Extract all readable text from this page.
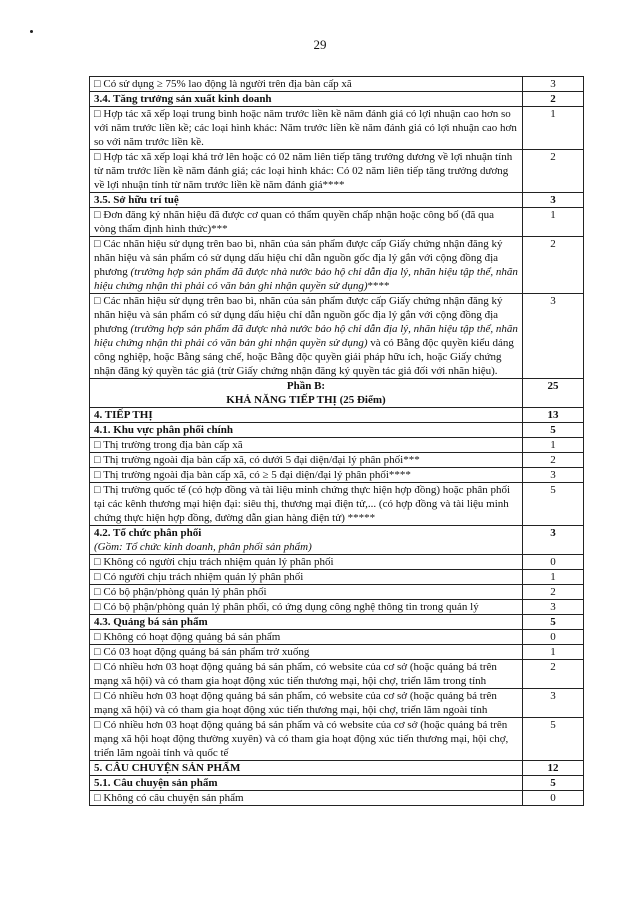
29
□ Có sử dụng ≥ 75% lao động là người trên địa bàn cấp xã	3
3.4. Tăng trưởng sản xuất kinh doanh	2
□ Hợp tác xã xếp loại trung bình hoặc năm trước liền kề năm đánh giá có lợi nhuận cao hơn so với năm trước liền kề; các loại hình khác: Năm trước liền kề năm đánh giá có lợi nhuận cao hơn so với năm trước liền kề.	1
□ Hợp tác xã xếp loại khá trở lên hoặc có 02 năm liên tiếp tăng trưởng dương về lợi nhuận tính từ năm trước liền kề năm đánh giá; các loại hình khác: Có 02 năm liên tiếp tăng trưởng dương về lợi nhuận tính từ năm trước liền kề năm đánh giá****	2
3.5. Sở hữu trí tuệ	3
□ Đơn đăng ký nhãn hiệu đã được cơ quan có thẩm quyền chấp nhận hoặc công bố (đã qua vòng thẩm định hình thức)***	1
□ Các nhãn hiệu sử dụng trên bao bì, nhãn của sản phẩm được cấp Giấy chứng nhận đăng ký nhãn hiệu và sản phẩm có sử dụng dấu hiệu chỉ dẫn nguồn gốc địa lý gắn với cộng đồng địa phương (trường hợp sản phẩm đã được nhà nước bảo hộ chỉ dẫn địa lý, nhãn hiệu tập thể, nhãn hiệu chứng nhận thì phải có văn bản ghi nhận quyền sử dụng)****	2
□ Các nhãn hiệu sử dụng trên bao bì, nhãn của sản phẩm được cấp Giấy chứng nhận đăng ký nhãn hiệu và sản phẩm có sử dụng dấu hiệu chỉ dẫn nguồn gốc địa lý gắn với cộng đồng địa phương (trường hợp sản phẩm đã được nhà nước bảo hộ chỉ dẫn địa lý, nhãn hiệu tập thể, nhãn hiệu chứng nhận thì phải có văn bản ghi nhận quyền sử dụng) và có Bằng độc quyền kiểu dáng công nghiệp, hoặc Bằng sáng chế, hoặc Bằng độc quyền giải pháp hữu ích, hoặc Giấy chứng nhận đăng ký quyền tác giả (trừ Giấy chứng nhận đăng ký quyền tác giả đối với nhãn hiệu).	3

Phần B:
KHẢ NĂNG TIẾP THỊ (25 Điểm)	25
4. TIẾP THỊ	13
4.1. Khu vực phân phối chính	5
□ Thị trường trong địa bàn cấp xã	1
□ Thị trường ngoài địa bàn cấp xã, có dưới 5 đại diện/đại lý phân phối***	2
□ Thị trường ngoài địa bàn cấp xã, có ≥ 5 đại diện/đại lý phân phối****	3
□ Thị trường quốc tế (có hợp đồng và tài liệu minh chứng thực hiện hợp đồng) hoặc phân phối tại các kênh thương mại hiện đại: siêu thị, thương mại điện tử,... (có hợp đồng và tài liệu minh chứng thực hiện hợp đồng, đường dẫn gian hàng điện tử) *****	5
4.2. Tổ chức phân phối
(Gồm: Tổ chức kinh doanh, phân phối sản phẩm)	3
□ Không có người chịu trách nhiệm quản lý phân phối	0
□ Có người chịu trách nhiệm quản lý phân phối	1
□ Có bộ phận/phòng quản lý phân phối	2
□ Có bộ phận/phòng quản lý phân phối, có ứng dụng công nghệ thông tin trong quản lý	3
4.3. Quảng bá sản phẩm	5
□ Không có hoạt động quảng bá sản phẩm	0
□ Có 03 hoạt động quảng bá sản phẩm trở xuống	1
□ Có nhiều hơn 03 hoạt động quảng bá sản phẩm, có website của cơ sở (hoặc quảng bá trên mạng xã hội) và có tham gia hoạt động xúc tiến thương mại, hội chợ, triển lãm trong tỉnh	2
□ Có nhiều hơn 03 hoạt động quảng bá sản phẩm, có website của cơ sở (hoặc quảng bá trên mạng xã hội) và có tham gia hoạt động xúc tiến thương mại, hội chợ, triển lãm ngoài tỉnh	3
□ Có nhiều hơn 03 hoạt động quảng bá sản phẩm và có website của cơ sở (hoặc quảng bá trên mạng xã hội hoạt động thường xuyên) và có tham gia hoạt động xúc tiến thương mại, hội chợ, triển lãm ngoài tỉnh và quốc tế	5
5. CÂU CHUYỆN SẢN PHẨM	12
5.1. Câu chuyện sản phẩm	5
□ Không có câu chuyện sản phẩm	0
